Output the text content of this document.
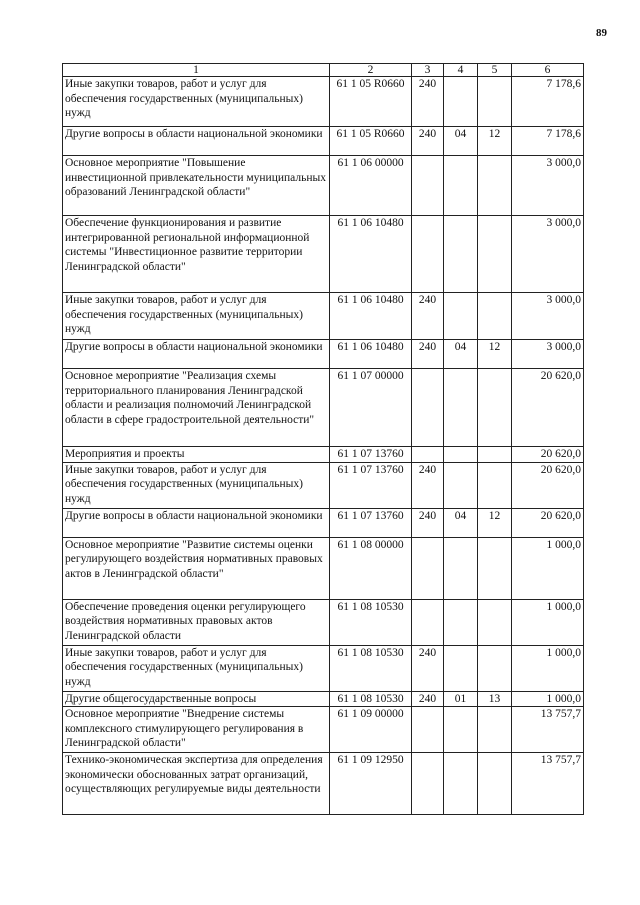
89
1	2	3	4	5	6
Иные закупки товаров, работ и услуг для обеспечения государственных (муниципальных) нужд	61 1 05 R0660	240			7 178,6
Другие вопросы в области национальной экономики	61 1 05 R0660	240	04	12	7 178,6
Основное мероприятие "Повышение инвестиционной привлекательности муниципальных образований Ленинградской области"	61 1 06 00000				3 000,0
Обеспечение функционирования и развитие интегрированной региональной информационной системы "Инвестиционное развитие территории Ленинградской области"	61 1 06 10480				3 000,0
Иные закупки товаров, работ и услуг для обеспечения государственных (муниципальных) нужд	61 1 06 10480	240			3 000,0
Другие вопросы в области национальной экономики	61 1 06 10480	240	04	12	3 000,0
Основное мероприятие "Реализация схемы территориального планирования Ленинградской области и реализация полномочий Ленинградской области в сфере градостроительной деятельности"	61 1 07 00000				20 620,0
Мероприятия и проекты	61 1 07 13760				20 620,0
Иные закупки товаров, работ и услуг для обеспечения государственных (муниципальных) нужд	61 1 07 13760	240			20 620,0
Другие вопросы в области национальной экономики	61 1 07 13760	240	04	12	20 620,0
Основное мероприятие "Развитие системы оценки регулирующего воздействия нормативных правовых актов в Ленинградской области"	61 1 08 00000				1 000,0
Обеспечение проведения оценки регулирующего воздействия нормативных правовых актов Ленинградской области	61 1 08 10530				1 000,0
Иные закупки товаров, работ и услуг для обеспечения государственных (муниципальных) нужд	61 1 08 10530	240			1 000,0
Другие общегосударственные вопросы	61 1 08 10530	240	01	13	1 000,0
Основное мероприятие "Внедрение системы комплексного стимулирующего регулирования в Ленинградской области"	61 1 09 00000				13 757,7
Технико-экономическая экспертиза для определения экономически обоснованных затрат организаций, осуществляющих регулируемые виды деятельности	61 1 09 12950				13 757,7
